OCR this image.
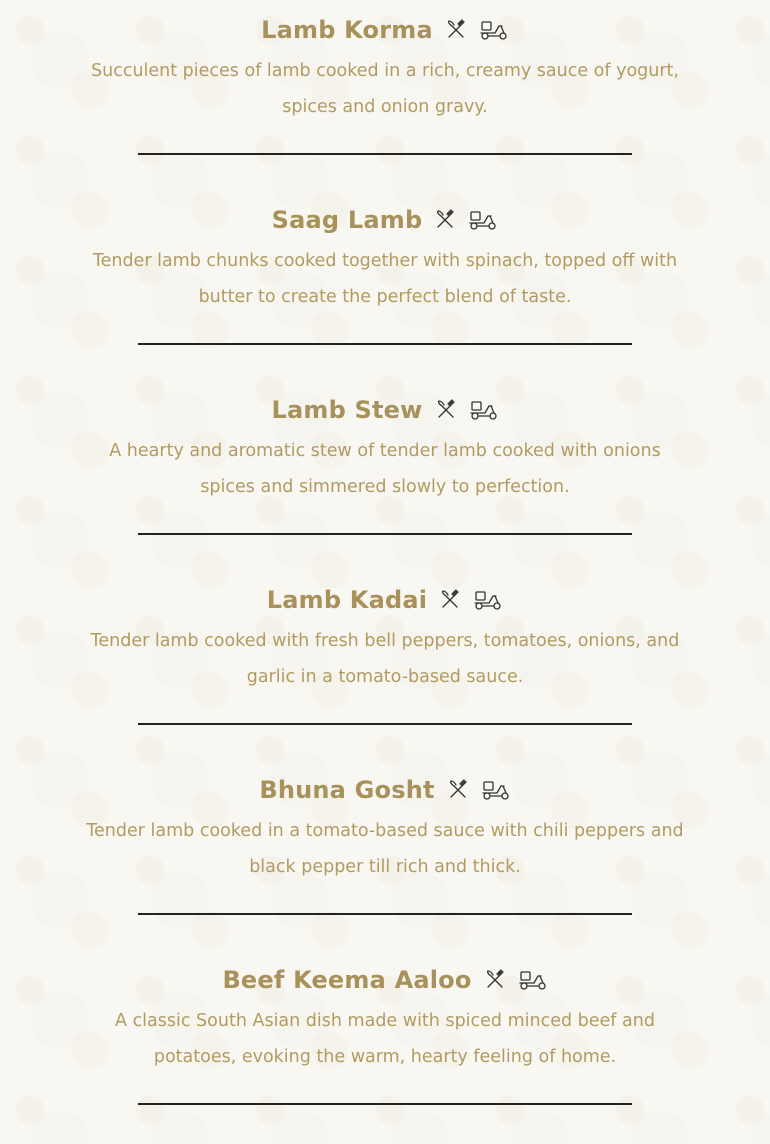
Lamb Korma
Succulent pieces of lamb cooked in a rich, creamy sauce of yogurt, spices and onion gravy.
Saag Lamb
Tender lamb chunks cooked together with spinach, topped off with butter to create the perfect blend of taste.
Lamb Stew
A hearty and aromatic stew of tender lamb cooked with onions spices and simmered slowly to perfection.
Lamb Kadai
Tender lamb cooked with fresh bell peppers, tomatoes, onions, and garlic in a tomato-based sauce.
Bhuna Gosht
Tender lamb cooked in a tomato-based sauce with chili peppers and black pepper till rich and thick.
Beef Keema Aaloo
A classic South Asian dish made with spiced minced beef and potatoes, evoking the warm, hearty feeling of home.
